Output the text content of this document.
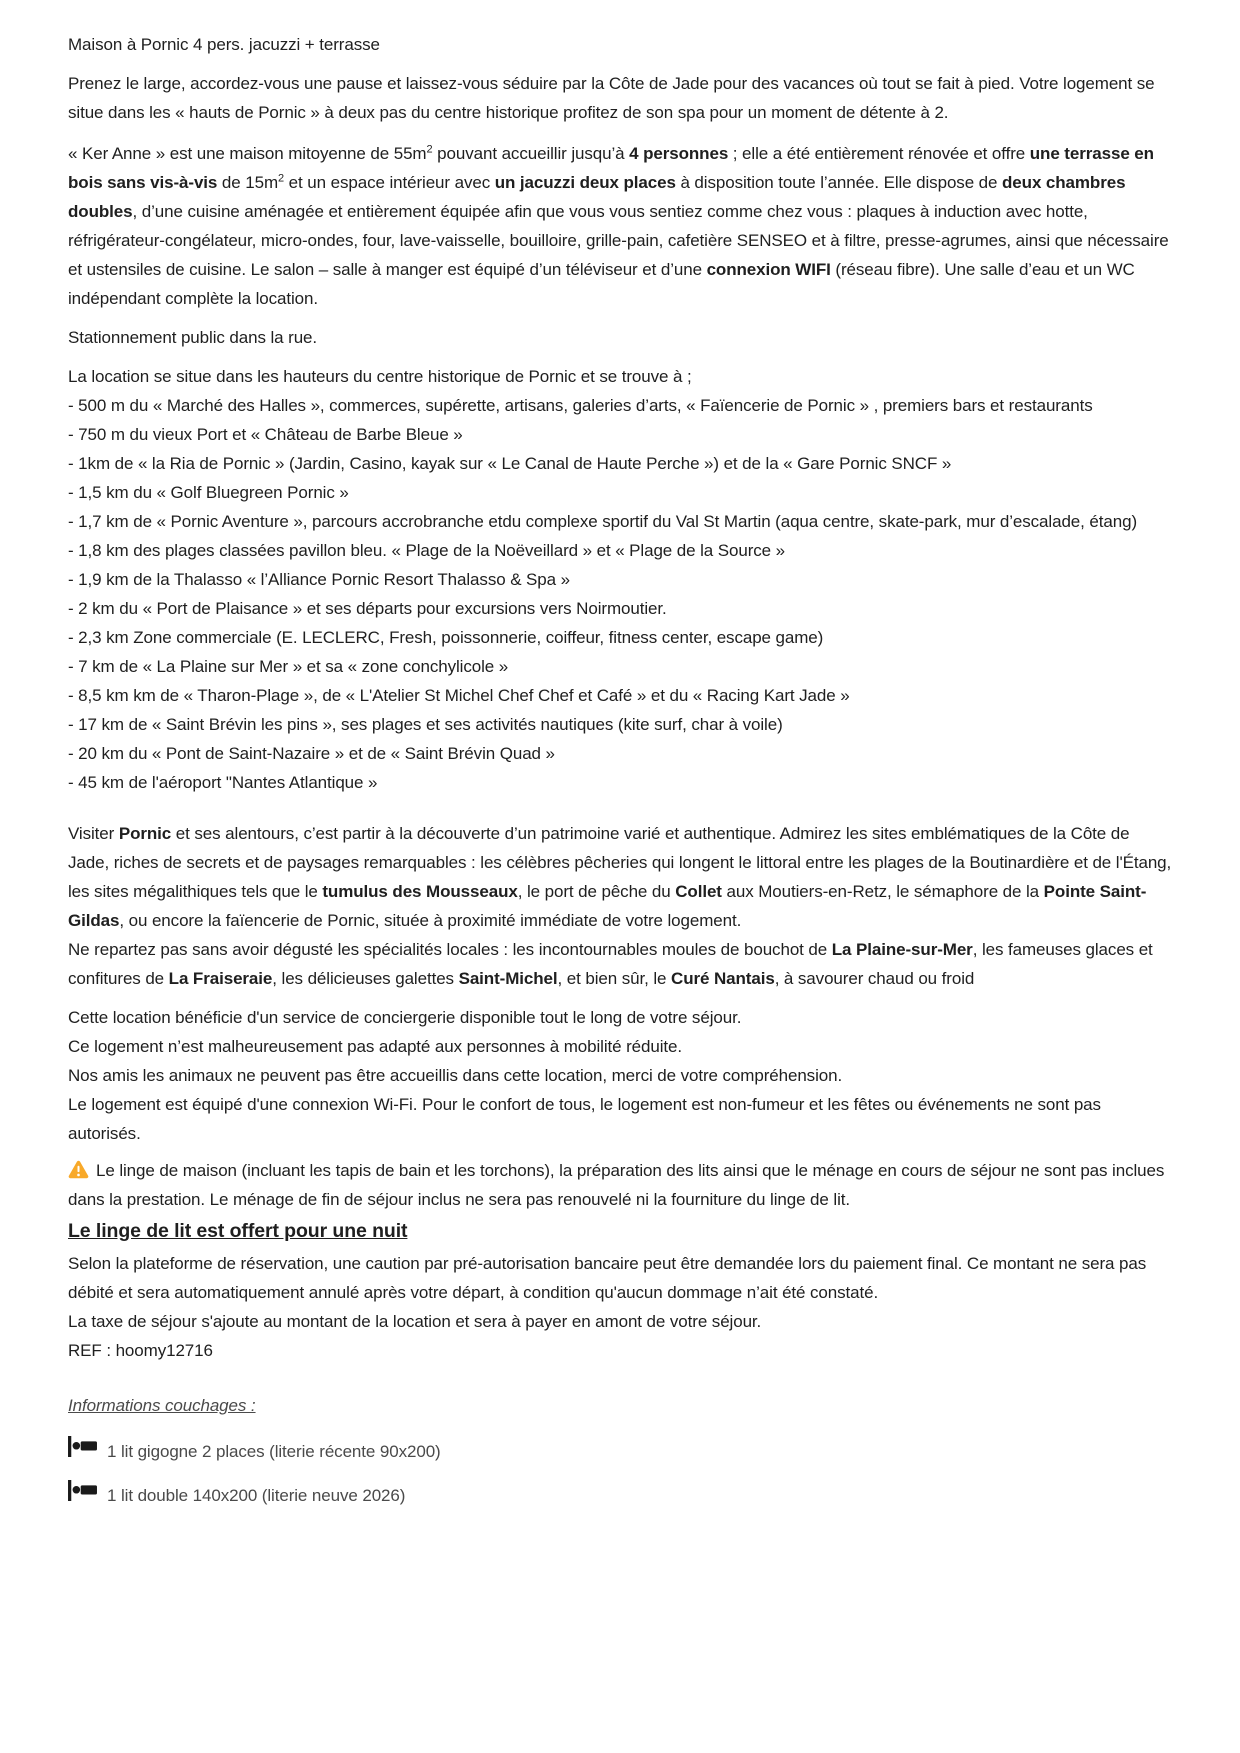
Maison à Pornic 4 pers. jacuzzi + terrasse
Prenez le large, accordez-vous une pause et laissez-vous séduire par la Côte de Jade pour des vacances où tout se fait à pied. Votre logement se situe dans les « hauts de Pornic » à deux pas du centre historique profitez de son spa pour un moment de détente à 2.
« Ker Anne » est une maison mitoyenne de $55m^2$ pouvant accueillir jusqu’à 4 personnes ; elle a été entièrement rénovée et offre une terrasse en bois sans vis-à-vis de $15m^2$ et un espace intérieur avec un jacuzzi deux places à disposition toute l’année. Elle dispose de deux chambres doubles, d’une cuisine aménagée et entièrement équipée afin que vous vous sentiez comme chez vous : plaques à induction avec hotte, réfrigérateur-congélateur, micro-ondes, four, lave-vaisselle, bouilloire, grille-pain, cafetière SENSEO et à filtre, presse-agrumes, ainsi que nécessaire et ustensiles de cuisine. Le salon – salle à manger est équipé d’un téléviseur et d’une connexion WIFI (réseau fibre). Une salle d’eau et un WC indépendant complète la location.
Stationnement public dans la rue.
La location se situe dans les hauteurs du centre historique de Pornic et se trouve à ;
- 500 m du « Marché des Halles », commerces, supérette, artisans, galeries d’arts, « Faïencerie de Pornic » , premiers bars et restaurants
- 750 m du vieux Port et « Château de Barbe Bleue »
- 1km de « la Ria de Pornic » (Jardin, Casino, kayak sur « Le Canal de Haute Perche ») et de la « Gare Pornic SNCF »
- 1,5 km du « Golf Bluegreen Pornic »
- 1,7 km de « Pornic Aventure », parcours accrobranche etdu complexe sportif du Val St Martin (aqua centre, skate-park, mur d’escalade, étang)
- 1,8 km des plages classées pavillon bleu. « Plage de la Noëveillard » et « Plage de la Source »
- 1,9 km de la Thalasso « l’Alliance Pornic Resort Thalasso & Spa »
- 2 km du « Port de Plaisance » et ses départs pour excursions vers Noirmoutier.
- 2,3 km Zone commerciale (E. LECLERC, Fresh, poissonnerie, coiffeur, fitness center, escape game)
- 7 km de « La Plaine sur Mer » et sa « zone conchylicole »
- 8,5 km km de « Tharon-Plage », de « L'Atelier St Michel Chef Chef et Café » et du « Racing Kart Jade »
- 17 km de « Saint Brévin les pins », ses plages et ses activités nautiques (kite surf, char à voile)
- 20 km du « Pont de Saint-Nazaire » et de « Saint Brévin Quad »
- 45 km de l'aéroport "Nantes Atlantique »
Visiter Pornic et ses alentours, c’est partir à la découverte d’un patrimoine varié et authentique. Admirez les sites emblématiques de la Côte de Jade, riches de secrets et de paysages remarquables : les célèbres pêcheries qui longent le littoral entre les plages de la Boutinardière et de l'Étang, les sites mégalithiques tels que le tumulus des Mousseaux, le port de pêche du Collet aux Moutiers-en-Retz, le sémaphore de la Pointe Saint-Gildas, ou encore la faïencerie de Pornic, située à proximité immédiate de votre logement.
Ne repartez pas sans avoir dégusté les spécialités locales : les incontournables moules de bouchot de La Plaine-sur-Mer, les fameuses glaces et confitures de La Fraiseraie, les délicieuses galettes Saint-Michel, et bien sûr, le Curé Nantais, à savourer chaud ou froid
Cette location bénéficie d'un service de conciergerie disponible tout le long de votre séjour.
Ce logement n’est malheureusement pas adapté aux personnes à mobilité réduite.
Nos amis les animaux ne peuvent pas être accueillis dans cette location, merci de votre compréhension.
Le logement est équipé d'une connexion Wi-Fi. Pour le confort de tous, le logement est non-fumeur et les fêtes ou événements ne sont pas autorisés.
Le linge de maison (incluant les tapis de bain et les torchons), la préparation des lits ainsi que le ménage en cours de séjour ne sont pas inclues dans la prestation. Le ménage de fin de séjour inclus ne sera pas renouvelé ni la fourniture du linge de lit.
Le linge de lit est offert pour une nuit
Selon la plateforme de réservation, une caution par pré-autorisation bancaire peut être demandée lors du paiement final. Ce montant ne sera pas débité et sera automatiquement annulé après votre départ, à condition qu'aucun dommage n’ait été constaté.
La taxe de séjour s'ajoute au montant de la location et sera à payer en amont de votre séjour.
REF : hoomy12716
Informations couchages :
1 lit gigogne 2 places (literie récente 90x200)
1 lit double 140x200 (literie neuve 2026)
